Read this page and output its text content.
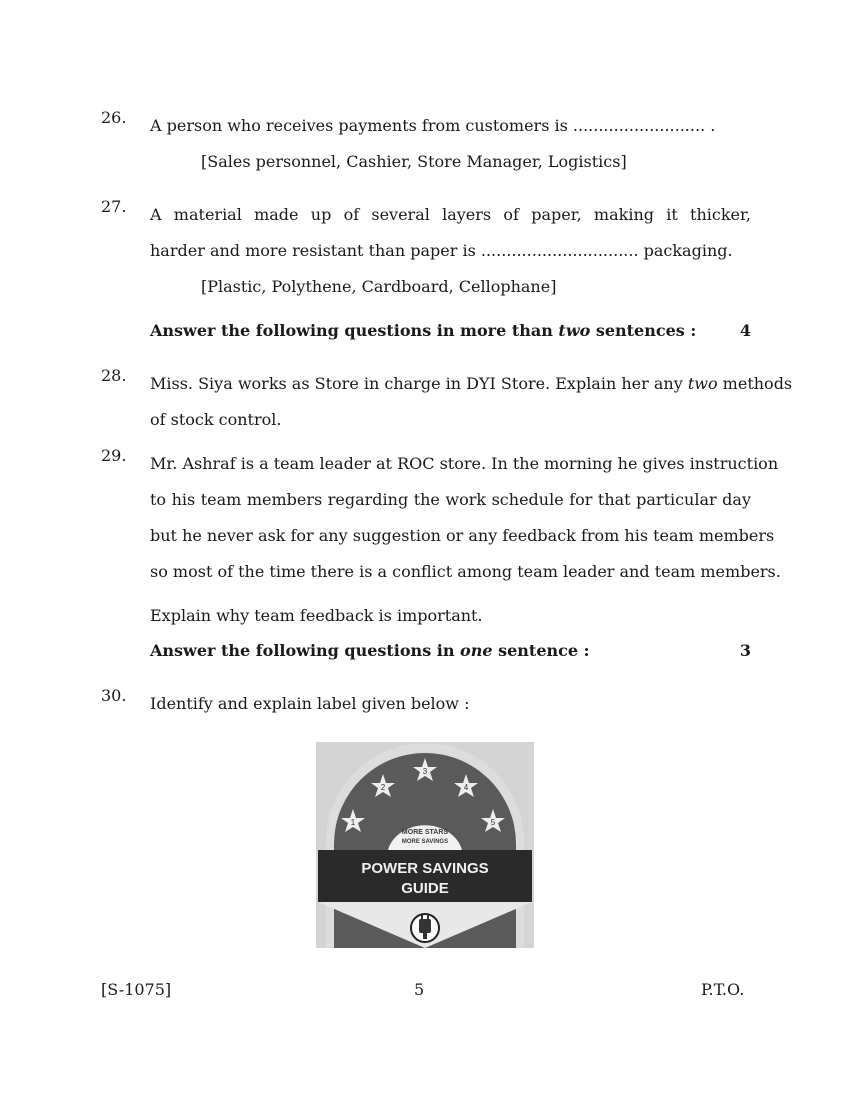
26. A person who receives payments from customers is .......................... .
[Sales personnel, Cashier, Store Manager, Logistics]
27. A material made up of several layers of paper, making it thicker,
harder and more resistant than paper is ............................... packaging.
[Plastic, Polythene, Cardboard, Cellophane]
Answer the following questions in more than two sentences :	4
28. Miss. Siya works as Store in charge in DYI Store. Explain her any two methods
of stock control.
29. Mr. Ashraf is a team leader at ROC store. In the morning he gives instruction
to his team members regarding the work schedule for that particular day
but he never ask for any suggestion or any feedback from his team members
so most of the time there is a conflict among team leader and team members.
Explain why team feedback is important.
Answer the following questions in one sentence :	3
30. Identify and explain label given below :
MORE STARS
MORE SAVINGS
1
2
3
4
5
POWER SAVINGS
GUIDE
[S-1075]	5	P.T.O.
